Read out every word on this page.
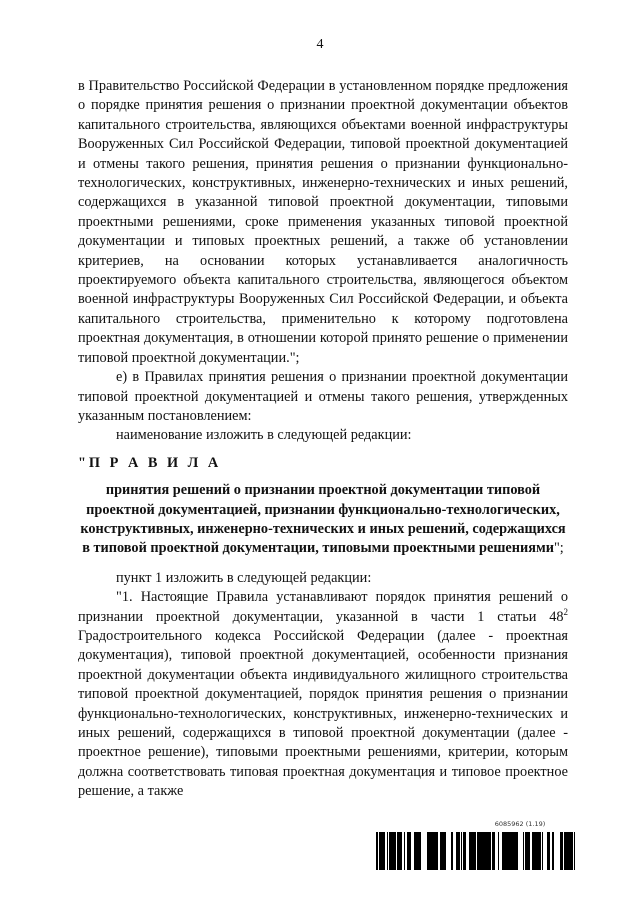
4

в Правительство Российской Федерации в установленном порядке предложения о порядке принятия решения о признании проектной документации объектов капитального строительства, являющихся объектами военной инфраструктуры Вооруженных Сил Российской Федерации, типовой проектной документацией и отмены такого решения, принятия решения о признании функционально-технологических, конструктивных, инженерно-технических и иных решений, содержащихся в указанной типовой проектной документации, типовыми проектными решениями, сроке применения указанных типовой проектной документации и типовых проектных решений, а также об установлении критериев, на основании которых устанавливается аналогичность проектируемого объекта капитального строительства, являющегося объектом военной инфраструктуры Вооруженных Сил Российской Федерации, и объекта капитального строительства, применительно к которому подготовлена проектная документация, в отношении которой принято решение о применении типовой проектной документации.";

е) в Правилах принятия решения о признании проектной документации типовой проектной документацией и отмены такого решения, утвержденных указанным постановлением:

наименование изложить в следующей редакции:

"П Р А В И Л А

принятия решений о признании проектной документации типовой проектной документацией, признании функционально-технологических, конструктивных, инженерно-технических и иных решений, содержащихся в типовой проектной документации, типовыми проектными решениями";

пункт 1 изложить в следующей редакции:

"1. Настоящие Правила устанавливают порядок принятия решений о признании проектной документации, указанной в части 1 статьи $48^2$ Градостроительного кодекса Российской Федерации (далее - проектная документация), типовой проектной документацией, особенности признания проектной документации объекта индивидуального жилищного строительства типовой проектной документацией, порядок принятия решения о признании функционально-технологических, конструктивных, инженерно-технических и иных решений, содержащихся в типовой проектной документации (далее - проектное решение), типовыми проектными решениями, критерии, которым должна соответствовать типовая проектная документация и типовое проектное решение, а также

6085962 (1.19)
